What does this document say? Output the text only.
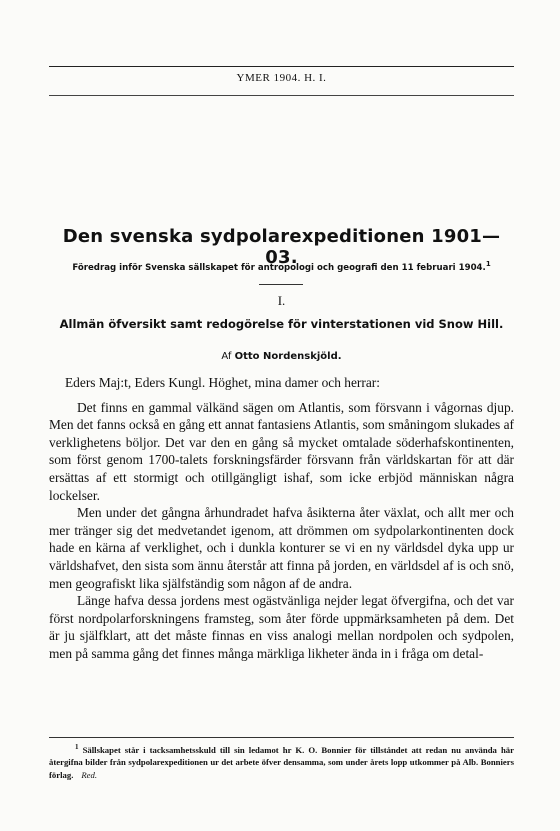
YMER 1904. H. I.
Den svenska sydpolarexpeditionen 1901—03.
Föredrag inför Svenska sällskapet för antropologi och geografi den 11 februari 1904.$^1$
I.
Allmän öfversikt samt redogörelse för vinterstationen vid Snow Hill.
Af Otto Nordenskjöld.

Eders Maj:t, Eders Kungl. Höghet, mina damer och herrar:

Det finns en gammal välkänd sägen om Atlantis, som försvann i vågornas djup. Men det fanns också en gång ett annat fantasiens Atlantis, som småningom slukades af verklighetens böljor. Det var den en gång så mycket omtalade söderhafskontinenten, som först genom 1700-talets forskningsfärder försvann från världskartan för att där ersättas af ett stormigt och otillgängligt ishaf, som icke erbjöd människan några lockelser.

Men under det gångna århundradet hafva åsikterna åter växlat, och allt mer och mer tränger sig det medvetandet igenom, att drömmen om sydpolarkontinenten dock hade en kärna af verklighet, och i dunkla konturer se vi en ny världsdel dyka upp ur världshafvet, den sista som ännu återstår att finna på jorden, en världsdel af is och snö, men geografiskt lika själfständig som någon af de andra.

Länge hafva dessa jordens mest ogästvänliga nejder legat öfvergifna, och det var först nordpolarforskningens framsteg, som åter förde uppmärksamheten på dem. Det är ju själfklart, att det måste finnas en viss analogi mellan nordpolen och sydpolen, men på samma gång det finnes många märkliga likheter ända in i fråga om detal-

$^1$ Sällskapet står i tacksamhetsskuld till sin ledamot hr K. O. Bonnier för tillståndet att redan nu använda här återgifna bilder från sydpolarexpeditionen ur det arbete öfver densamma, som under årets lopp utkommer på Alb. Bonniers förlag. Red.
